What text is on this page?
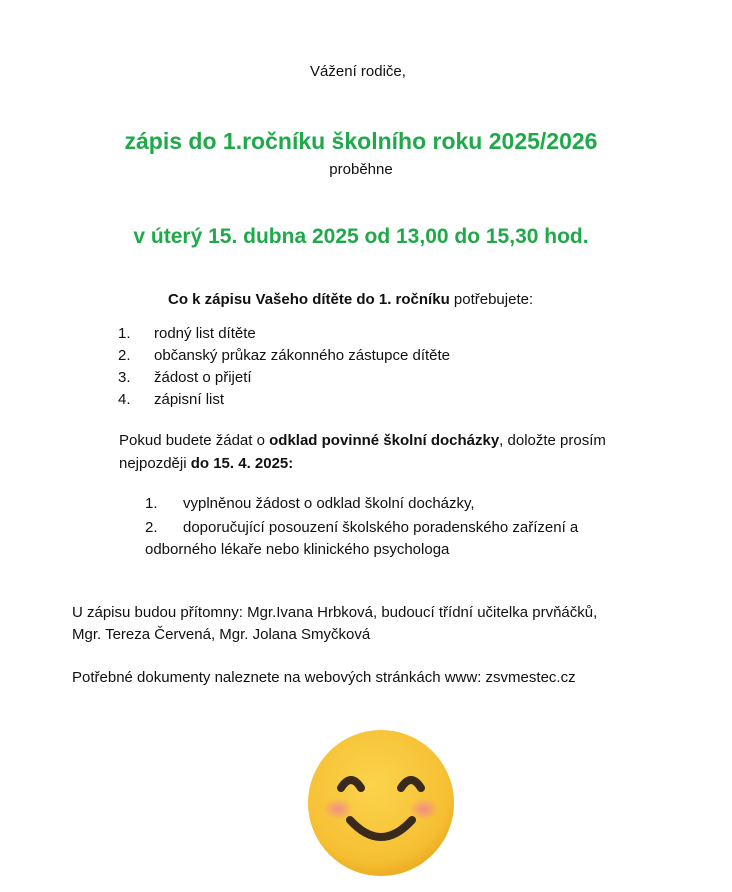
Vážení rodiče,
zápis do 1.ročníku školního roku 2025/2026
proběhne
v úterý 15. dubna 2025 od 13,00 do 15,30 hod.
Co k zápisu Vašeho dítěte do 1. ročníku potřebujete:
1. rodný list dítěte
2. občanský průkaz zákonného zástupce dítěte
3. žádost o přijetí
4. zápisní list
Pokud budete žádat o odklad povinné školní docházky, doložte prosím
nejpozději do 15. 4. 2025:
1. vyplněnou žádost o odklad školní docházky,
2. doporučující posouzení školského poradenského zařízení a
odborného lékaře nebo klinického psychologa
U zápisu budou přítomny: Mgr.Ivana Hrbková, budoucí třídní učitelka prvňáčků,
Mgr. Tereza Červená, Mgr. Jolana Smyčková
Potřebné dokumenty naleznete na webových stránkách www: zsvmestec.cz
